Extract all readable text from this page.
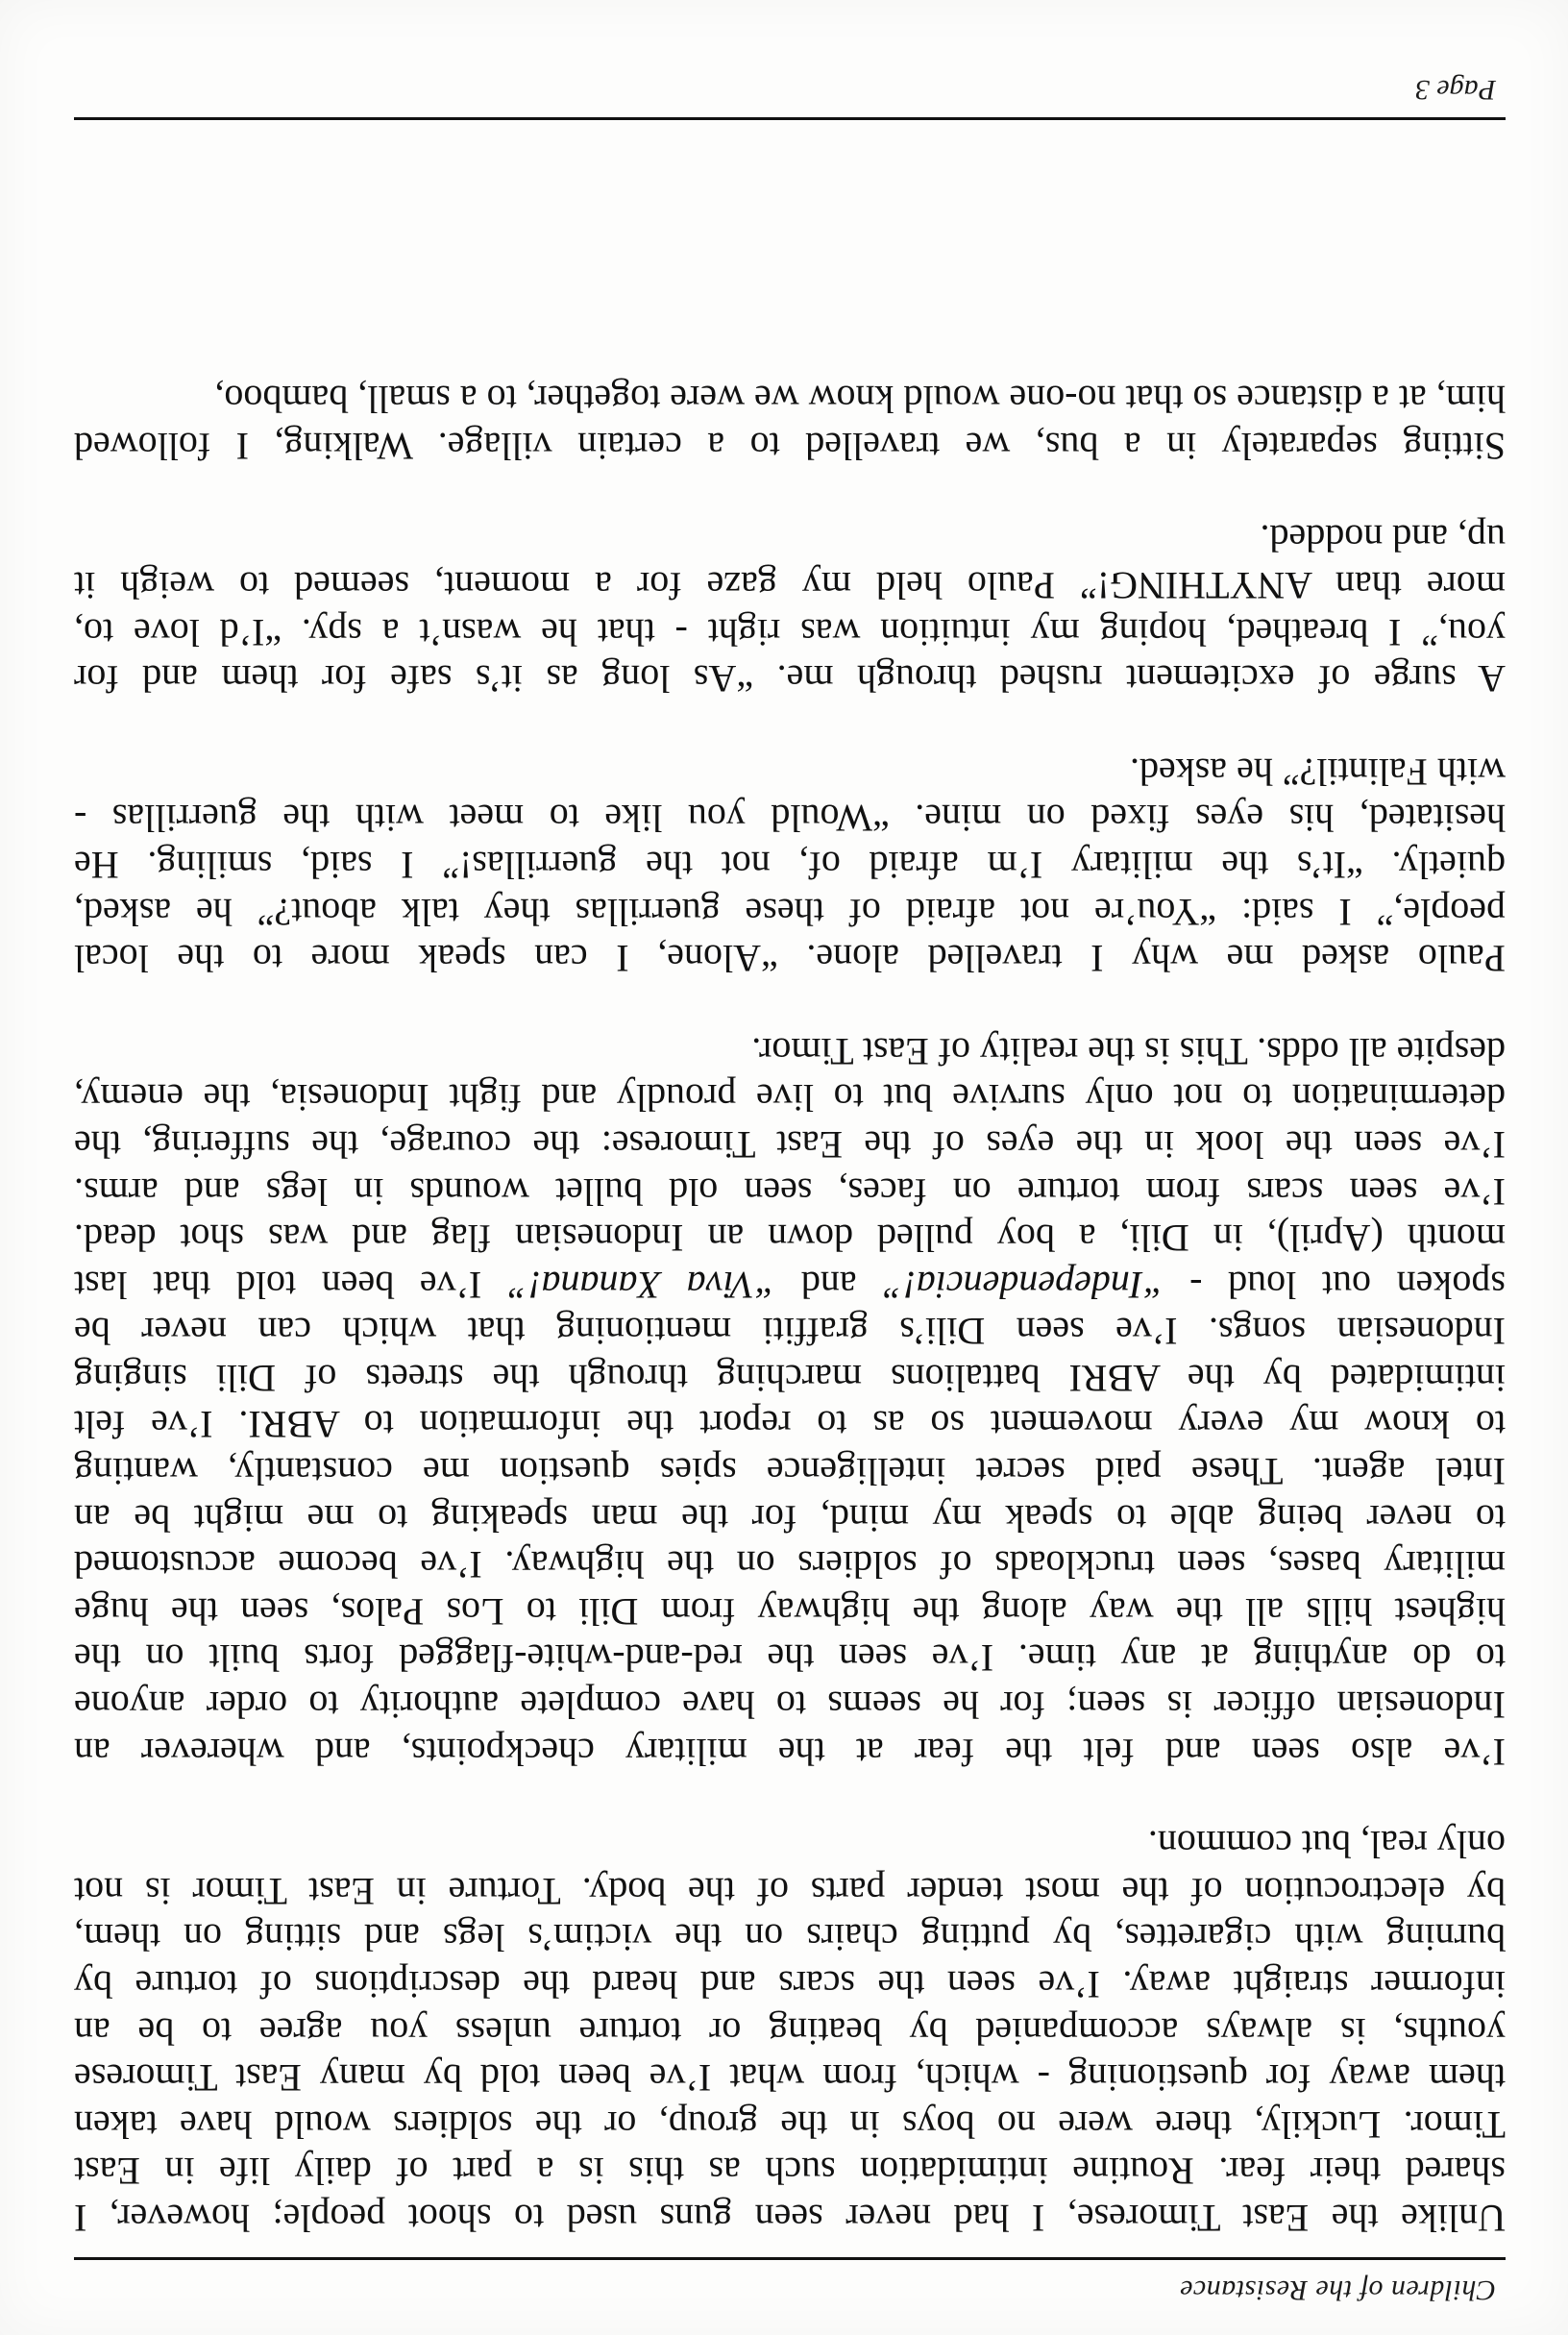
Children of the Resistance

Unlike the East Timorese, I had never seen guns used to shoot people; however, I
shared their fear. Routine intimidation such as this is a part of daily life in East
Timor. Luckily, there were no boys in the group, or the soldiers would have taken
them away for questioning - which, from what I’ve been told by many East Timorese
youths, is always accompanied by beating or torture unless you agree to be an
informer straight away. I’ve seen the scars and heard the descriptions of torture by
burning with cigarettes, by putting chairs on the victim’s legs and sitting on them,
by electrocution of the most tender parts of the body. Torture in East Timor is not
only real, but common.

I’ve also seen and felt the fear at the military checkpoints, and wherever an
Indonesian officer is seen; for he seems to have complete authority to order anyone
to do anything at any time. I’ve seen the red-and-white-flagged forts built on the
highest hills all the way along the highway from Dili to Los Palos, seen the huge
military bases, seen truckloads of soldiers on the highway. I’ve become accustomed
to never being able to speak my mind, for the man speaking to me might be an
Intel agent. These paid secret intelligence spies question me constantly, wanting
to know my every movement so as to report the information to ABRI. I’ve felt
intimidated by the ABRI battalions marching through the streets of Dili singing
Indonesian songs. I’ve seen Dili’s graffiti mentioning that which can never be
spoken out loud - “Independencia!” and “Viva Xanana!” I’ve been told that last
month (April), in Dili, a boy pulled down an Indonesian flag and was shot dead.
I’ve seen scars from torture on faces, seen old bullet wounds in legs and arms.
I’ve seen the look in the eyes of the East Timorese: the courage, the suffering, the
determination to not only survive but to live proudly and fight Indonesia, the enemy,
despite all odds. This is the reality of East Timor.

Paulo asked me why I travelled alone. “Alone, I can speak more to the local
people,” I said: “You’re not afraid of these guerrillas they talk about?” he asked,
quietly. “It’s the military I’m afraid of, not the guerrillas!” I said, smiling. He
hesitated, his eyes fixed on mine. “Would you like to meet with the guerrillas -
with Falintil?” he asked.

A surge of excitement rushed through me. “As long as it’s safe for them and for
you,” I breathed, hoping my intuition was right - that he wasn’t a spy. “I’d love to,
more than ANYTHING!” Paulo held my gaze for a moment, seemed to weigh it
up, and nodded.

Sitting separately in a bus, we travelled to a certain village. Walking, I followed
him, at a distance so that no-one would know we were together, to a small, bamboo,

Page 3
